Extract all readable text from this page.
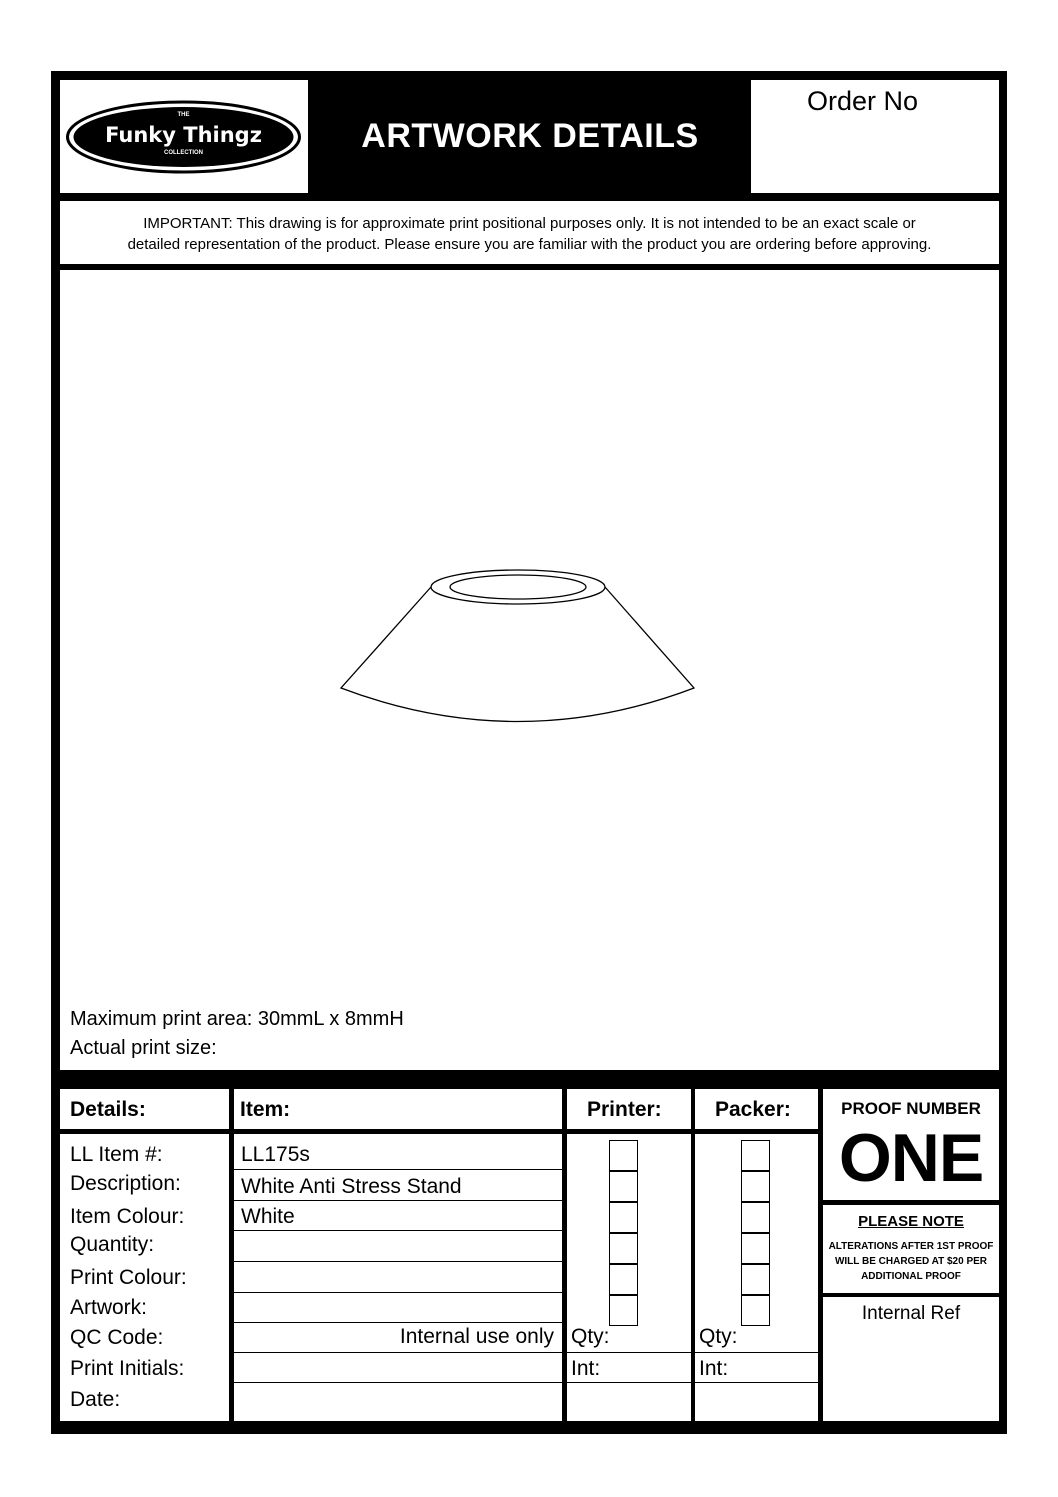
THE
Funky Thingz
COLLECTION	ARTWORK DETAILS
Order No
IMPORTANT: This drawing is for approximate print positional purposes only. It is not intended to be an exact scale or
detailed representation of the product. Please ensure you are familiar with the product you are ordering before approving.
Maximum print area: 30mmL x 8mmH
Actual print size:
Details:
LL Item #:
Description:
Item Colour:
Quantity:
Print Colour:
Artwork:
QC Code:
Print Initials:
Date:
Item:
LL175s
White Anti Stress Stand
White
Internal use only
Printer:
Qty:
Int:
Packer:
Qty:
Int:
PROOF NUMBER
ONE
PLEASE NOTE
ALTERATIONS AFTER 1ST PROOF
WILL BE CHARGED AT $20 PER
ADDITIONAL PROOF
Internal Ref
